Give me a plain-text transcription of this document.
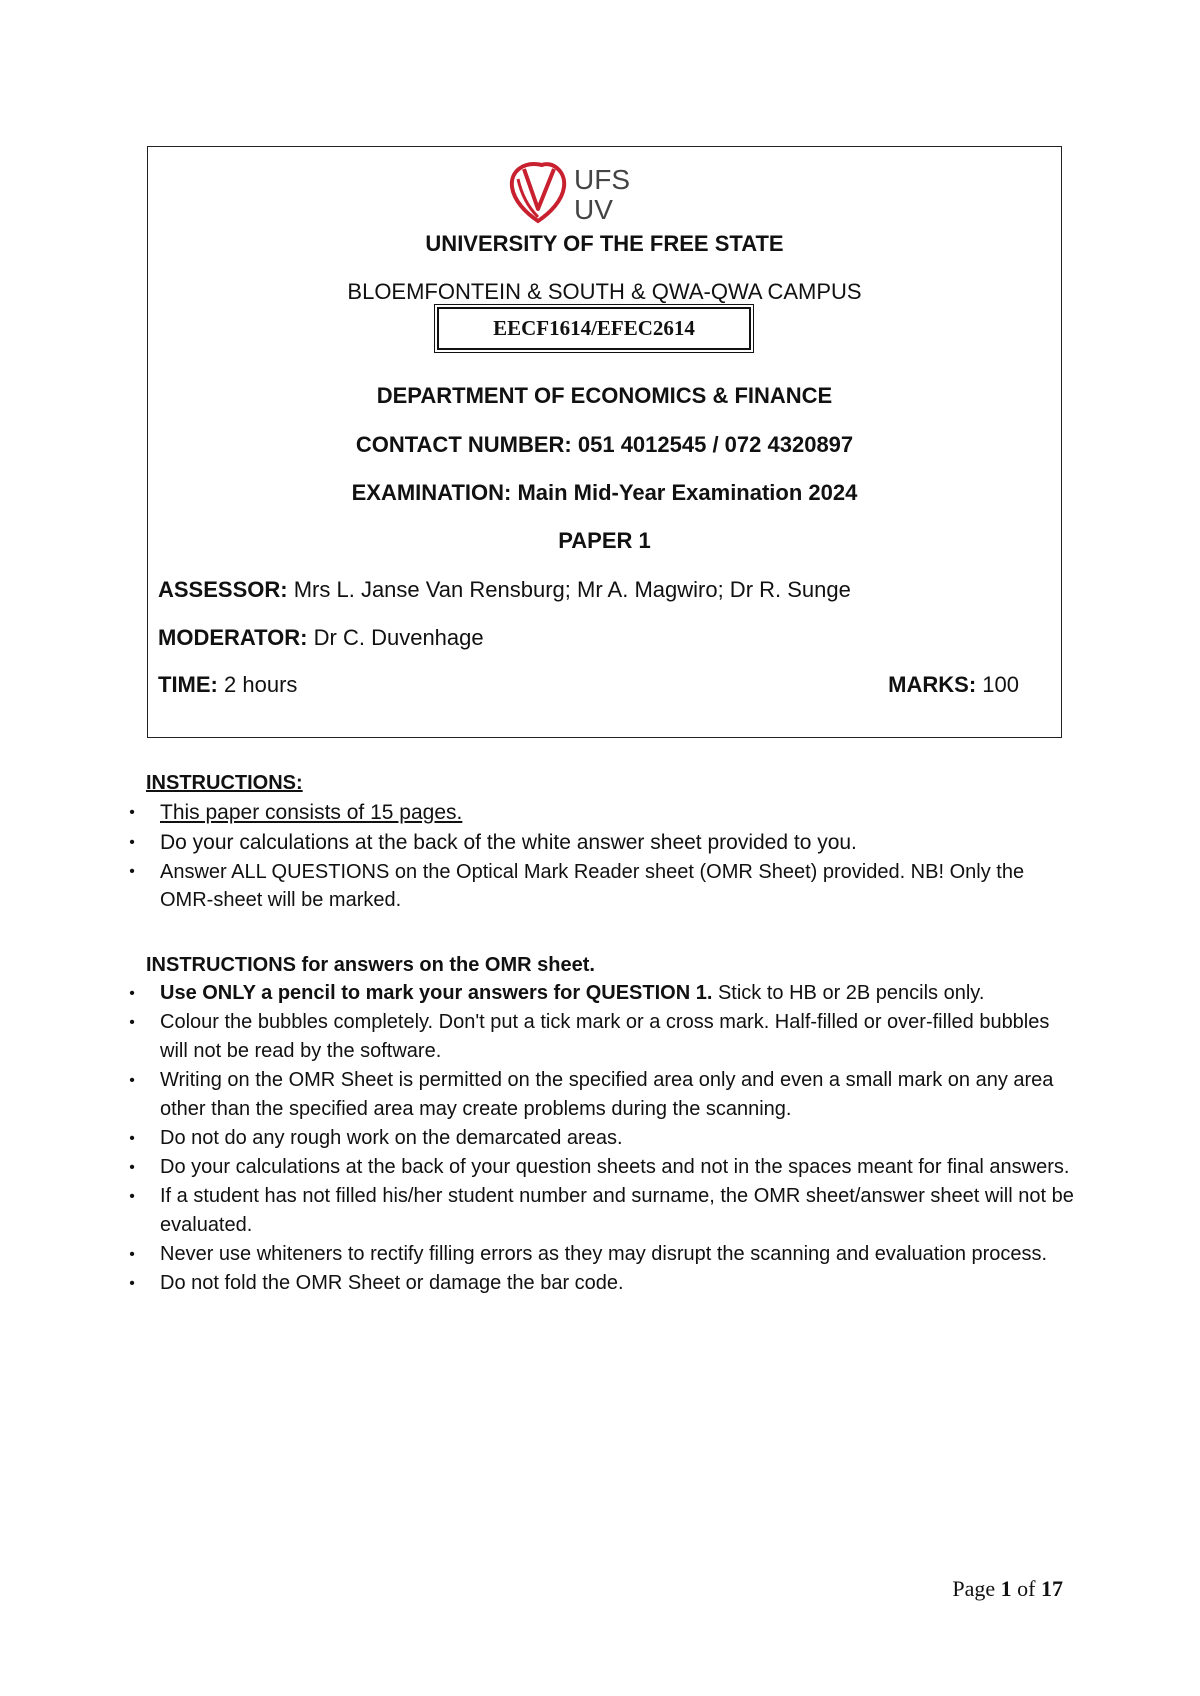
UFS
UV
UNIVERSITY OF THE FREE STATE
BLOEMFONTEIN & SOUTH & QWA-QWA CAMPUS
EECF1614/EFEC2614
DEPARTMENT OF ECONOMICS & FINANCE
CONTACT NUMBER: 051 4012545 / 072 4320897
EXAMINATION: Main Mid-Year Examination 2024
PAPER 1
ASSESSOR: Mrs L. Janse Van Rensburg; Mr A. Magwiro; Dr R. Sunge
MODERATOR: Dr C. Duvenhage
TIME: 2 hours	MARKS: 100
INSTRUCTIONS:
• This paper consists of 15 pages.
• Do your calculations at the back of the white answer sheet provided to you.
• Answer ALL QUESTIONS on the Optical Mark Reader sheet (OMR Sheet) provided. NB! Only the OMR-sheet will be marked.
INSTRUCTIONS for answers on the OMR sheet.
• Use ONLY a pencil to mark your answers for QUESTION 1. Stick to HB or 2B pencils only.
• Colour the bubbles completely. Don't put a tick mark or a cross mark. Half-filled or over-filled bubbles will not be read by the software.
• Writing on the OMR Sheet is permitted on the specified area only and even a small mark on any area other than the specified area may create problems during the scanning.
• Do not do any rough work on the demarcated areas.
• Do your calculations at the back of your question sheets and not in the spaces meant for final answers.
• If a student has not filled his/her student number and surname, the OMR sheet/answer sheet will not be evaluated.
• Never use whiteners to rectify filling errors as they may disrupt the scanning and evaluation process.
• Do not fold the OMR Sheet or damage the bar code.
Page 1 of 17
